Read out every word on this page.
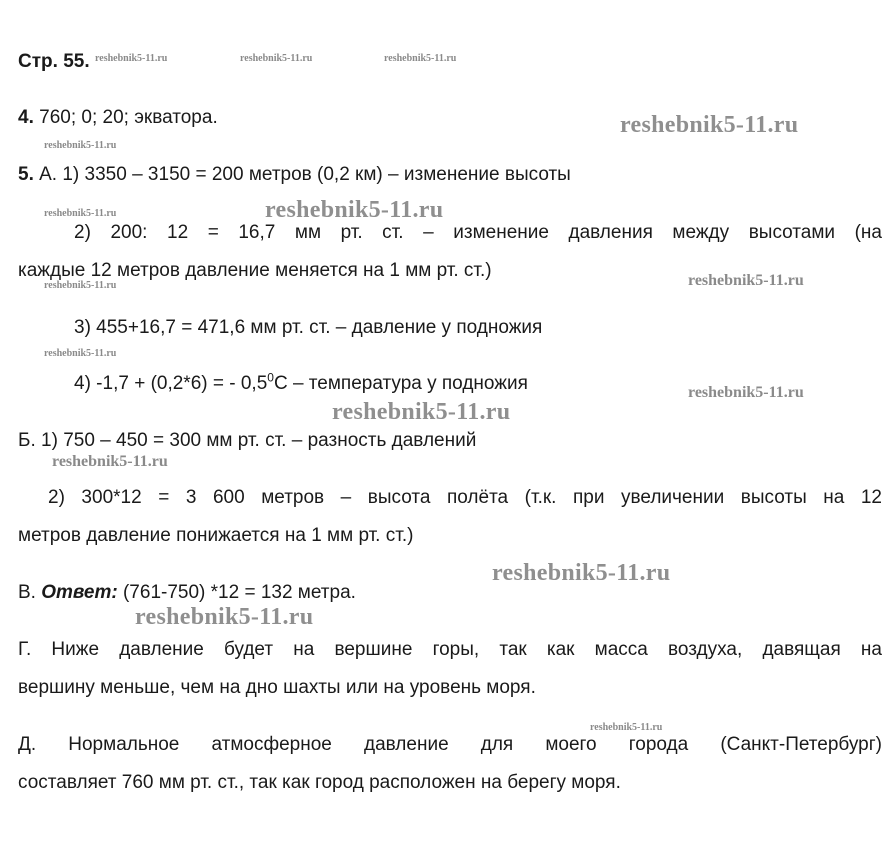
Стр. 55.
4. 760; 0; 20; экватора.
5. А. 1) 3350 – 3150 = 200 метров (0,2 км) – изменение высоты
2) 200: 12 = 16,7 мм рт. ст. – изменение давления между высотами (на
каждые 12 метров давление меняется на 1 мм рт. ст.)
3) 455+16,7 = 471,6 мм рт. ст. – давление у подножия
4) -1,7 + (0,2*6) = - $0,5^0С$ – температура у подножия
Б. 1) 750 – 450 = 300 мм рт. ст. – разность давлений
2) 300*12 = 3 600 метров – высота полёта (т.к. при увеличении высоты на 12
метров давление понижается на 1 мм рт. ст.)
В. Ответ: (761-750) *12 = 132 метра.
Г. Ниже давление будет на вершине горы, так как масса воздуха, давящая на
вершину меньше, чем на дно шахты или на уровень моря.
Д. Нормальное атмосферное давление для моего города (Санкт-Петербург)
составляет 760 мм рт. ст., так как город расположен на берегу моря.
reshebnik5-11.ru	reshebnik5-11.ru	reshebnik5-11.ru
reshebnik5-11.ru
reshebnik5-11.ru
reshebnik5-11.ru	reshebnik5-11.ru
reshebnik5-11.ru
reshebnik5-11.ru
reshebnik5-11.ru
reshebnik5-11.ru
reshebnik5-11.ru
reshebnik5-11.ru
reshebnik5-11.ru
reshebnik5-11.ru
reshebnik5-11.ru
